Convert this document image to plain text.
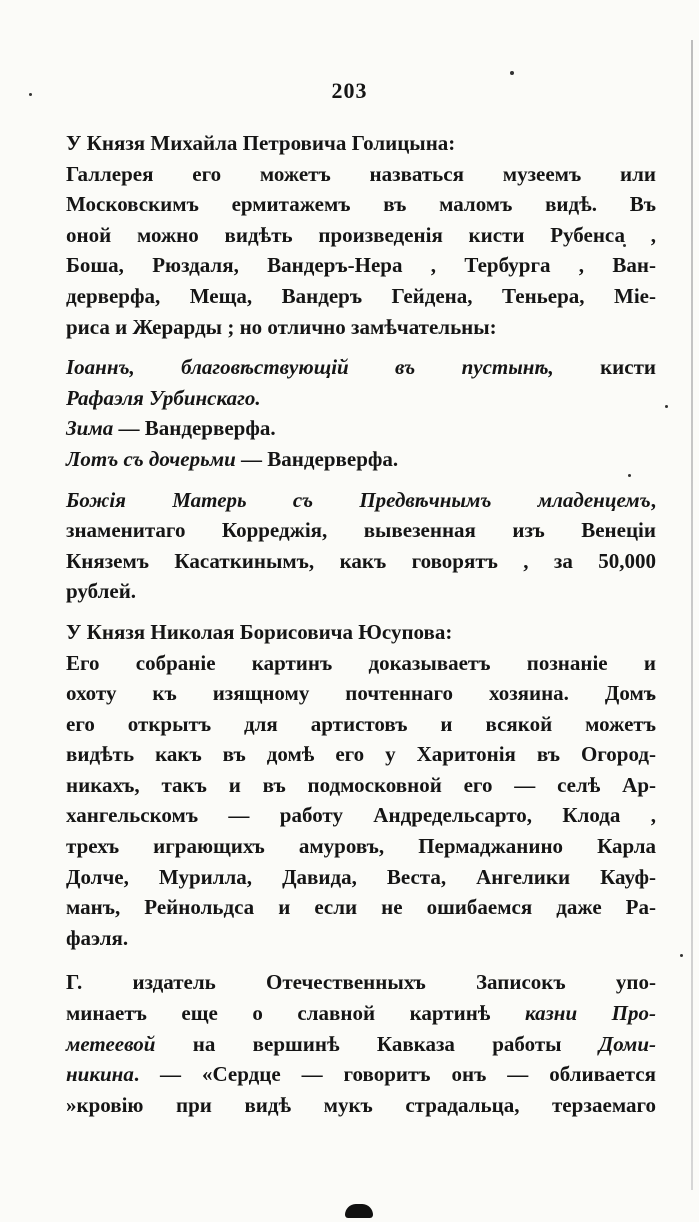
203
У Князя Михайла Петровича Голицына:
Галлерея его можетъ назваться музеемъ или
Московскимъ ермитажемъ въ маломъ видѣ. Въ
оной можно видѣть произведенія кисти Рубенса ,
Боша, Рюздаля, Вандеръ-Нера , Тербурга , Ван-
дерверфа, Меща, Вандеръ Гейдена, Теньера, Міе-
риса и Жерарды ; но отлично замѣчательны:
Іоаннъ, благовѣствующій въ пустынѣ, кисти
Рафаэля Урбинскаго.
Зима — Вандерверфа.
Лотъ съ дочерьми — Вандерверфа.
Божія Матерь съ Предвѣчнымъ младенцемъ,
знаменитаго Корреджія, вывезенная изъ Венеціи
Княземъ Касаткинымъ, какъ говорятъ , за 50,000
рублей.
У Князя Николая Борисовича Юсупова:
Его собраніе картинъ доказываетъ познаніе и
охоту къ изящному почтеннаго хозяина. Домъ
его открытъ для артистовъ и всякой можетъ
видѣть какъ въ домѣ его у Харитонія въ Огород-
никахъ, такъ и въ подмосковной его — селѣ Ар-
хангельскомъ — работу Андредельсарто, Клода ,
трехъ играющихъ амуровъ, Пермаджанино Карла
Долче, Мурилла, Давида, Веста, Ангелики Кауф-
манъ, Рейнольдса и если не ошибаемся даже Ра-
фаэля.
Г. издатель Отечественныхъ Записокъ упо-
минаетъ еще о славной картинѣ казни Про-
метеевой на вершинѣ Кавказа работы Доми-
никина. — «Сердце — говоритъ онъ — обливается
»кровію при видѣ мукъ страдальца, терзаемаго
